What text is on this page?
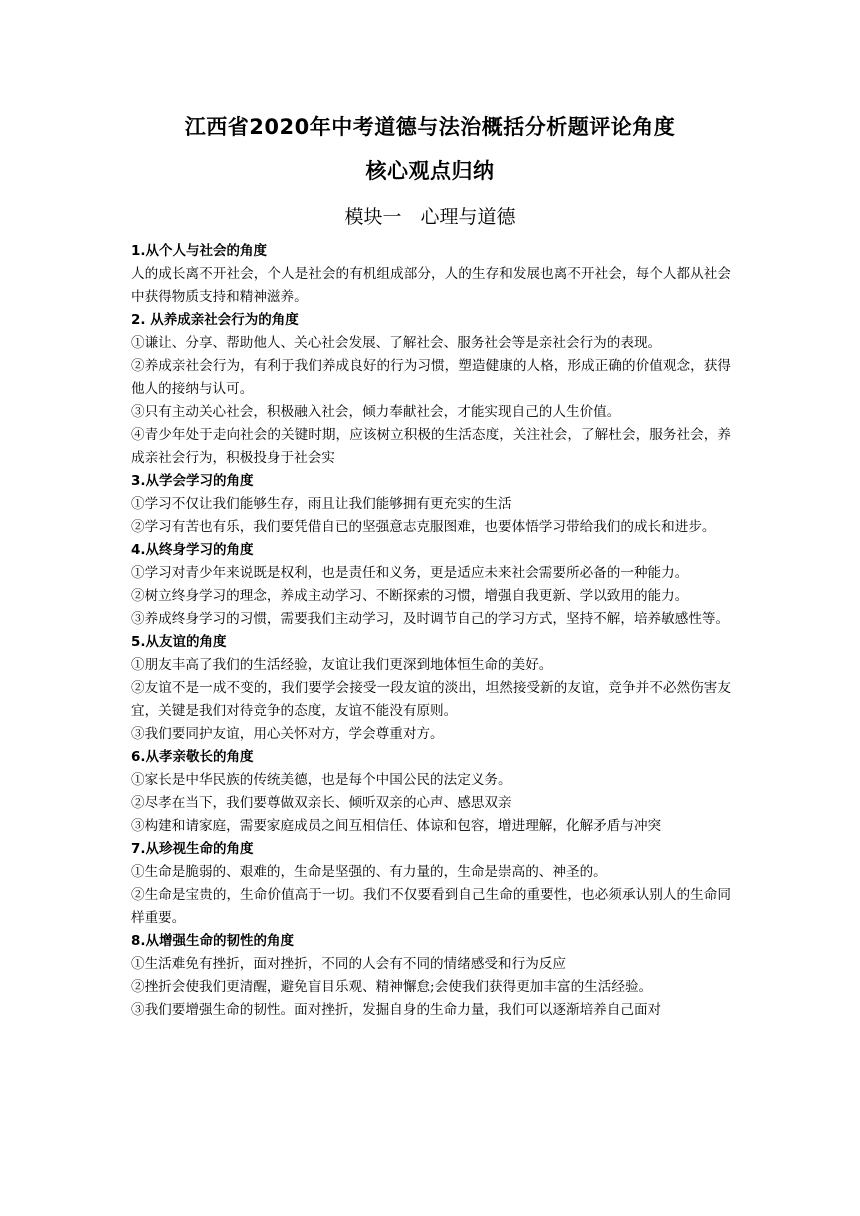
江西省2020年中考道德与法治概括分析题评论角度
核心观点归纳
模块一　心理与道德
1.从个人与社会的角度
人的成长离不开社会，个人是社会的有机组成部分，人的生存和发展也离不开社会，每个人都从社会中获得物质支持和精神滋养。
2. 从养成亲社会行为的角度
①谦让、分享、帮助他人、关心社会发展、了解社会、服务社会等是亲社会行为的表现。
②养成亲社会行为，有利于我们养成良好的行为习惯，塑造健康的人格，形成正确的价值观念，获得他人的接纳与认可。
③只有主动关心社会，积极融入社会，倾力奉献社会，才能实现自己的人生价值。
④青少年处于走向社会的关键时期，应该树立积极的生活态度，关注社会，了解杜会，服务社会，养成亲社会行为，积极投身于社会实
3.从学会学习的角度
①学习不仅让我们能够生存，雨且让我们能够拥有更充实的生活
②学习有苦也有乐，我们要凭借自已的坚强意志克服图难，也要体悟学习带给我们的成长和进步。
4.从终身学习的角度
①学习对青少年来说既是权利，也是责任和义务，更是适应未来社会需要所必备的一种能力。
②树立终身学习的理念，养成主动学习、不断探索的习惯，增强自我更新、学以致用的能力。
③养成终身学习的习惯，需要我们主动学习，及时调节自己的学习方式，坚持不解，培养敏感性等。
5.从友谊的角度
①朋友丰高了我们的生活经验，友谊让我们更深到地体恒生命的美好。
②友谊不是一成不变的，我们要学会接受一段友谊的淡出，坦然接受新的友谊，竞争并不必然伤害友宜，关键是我们对待竞争的态度，友谊不能没有原则。
③我们要同护友谊，用心关怀对方，学会尊重对方。
6.从孝亲敬长的角度
①家长是中华民族的传统美德，也是每个中国公民的法定义务。
②尽孝在当下，我们要尊做双亲长、倾听双亲的心声、感思双亲
③构建和请家庭，需要家庭成员之间互相信任、体谅和包容，增进理解，化解矛盾与冲突
7.从珍视生命的角度
①生命是脆弱的、艰难的，生命是坚强的、有力量的，生命是崇高的、神圣的。
②生命是宝贵的，生命价值高于一切。我们不仅要看到自己生命的重要性，也必须承认别人的生命同样重要。
8.从增强生命的韧性的角度
①生活难免有挫折，面对挫折，不同的人会有不同的情绪感受和行为反应
②挫折会使我们更清醒，避免盲目乐观、精神懈怠;会使我们获得更加丰富的生活经验。
③我们要增强生命的韧性。面对挫折，发掘自身的生命力量，我们可以逐渐培养自己面对
